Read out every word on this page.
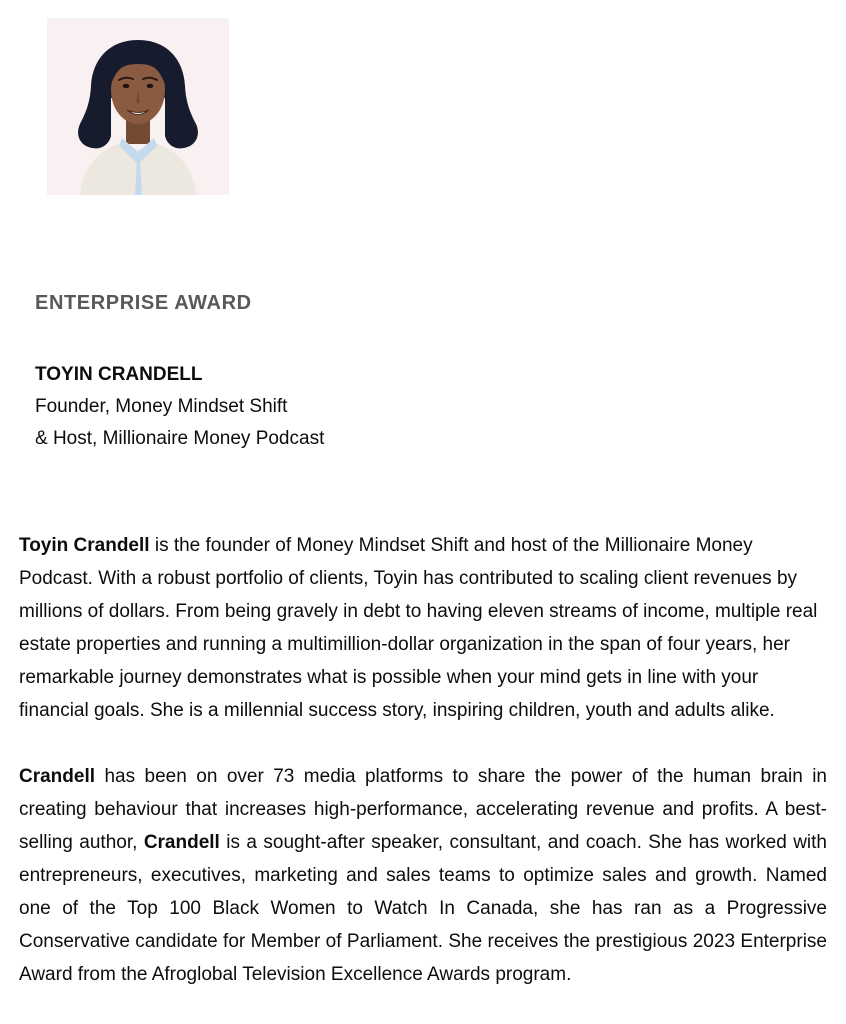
ENTERPRISE AWARD
TOYIN CRANDELL
Founder, Money Mindset Shift
& Host, Millionaire Money Podcast

Toyin Crandell is the founder of Money Mindset Shift and host of the Millionaire Money Podcast. With a robust portfolio of clients, Toyin has contributed to scaling client revenues by millions of dollars. From being gravely in debt to having eleven streams of income, multiple real estate properties and running a multimillion-dollar organization in the span of four years, her remarkable journey demonstrates what is possible when your mind gets in line with your financial goals. She is a millennial success story, inspiring children, youth and adults alike.

Crandell has been on over 73 media platforms to share the power of the human brain in creating behaviour that increases high-performance, accelerating revenue and profits. A best-selling author, Crandell is a sought-after speaker, consultant, and coach. She has worked with entrepreneurs, executives, marketing and sales teams to optimize sales and growth. Named one of the Top 100 Black Women to Watch In Canada, she has ran as a Progressive Conservative candidate for Member of Parliament. She receives the prestigious 2023 Enterprise Award from the Afroglobal Television Excellence Awards program.
